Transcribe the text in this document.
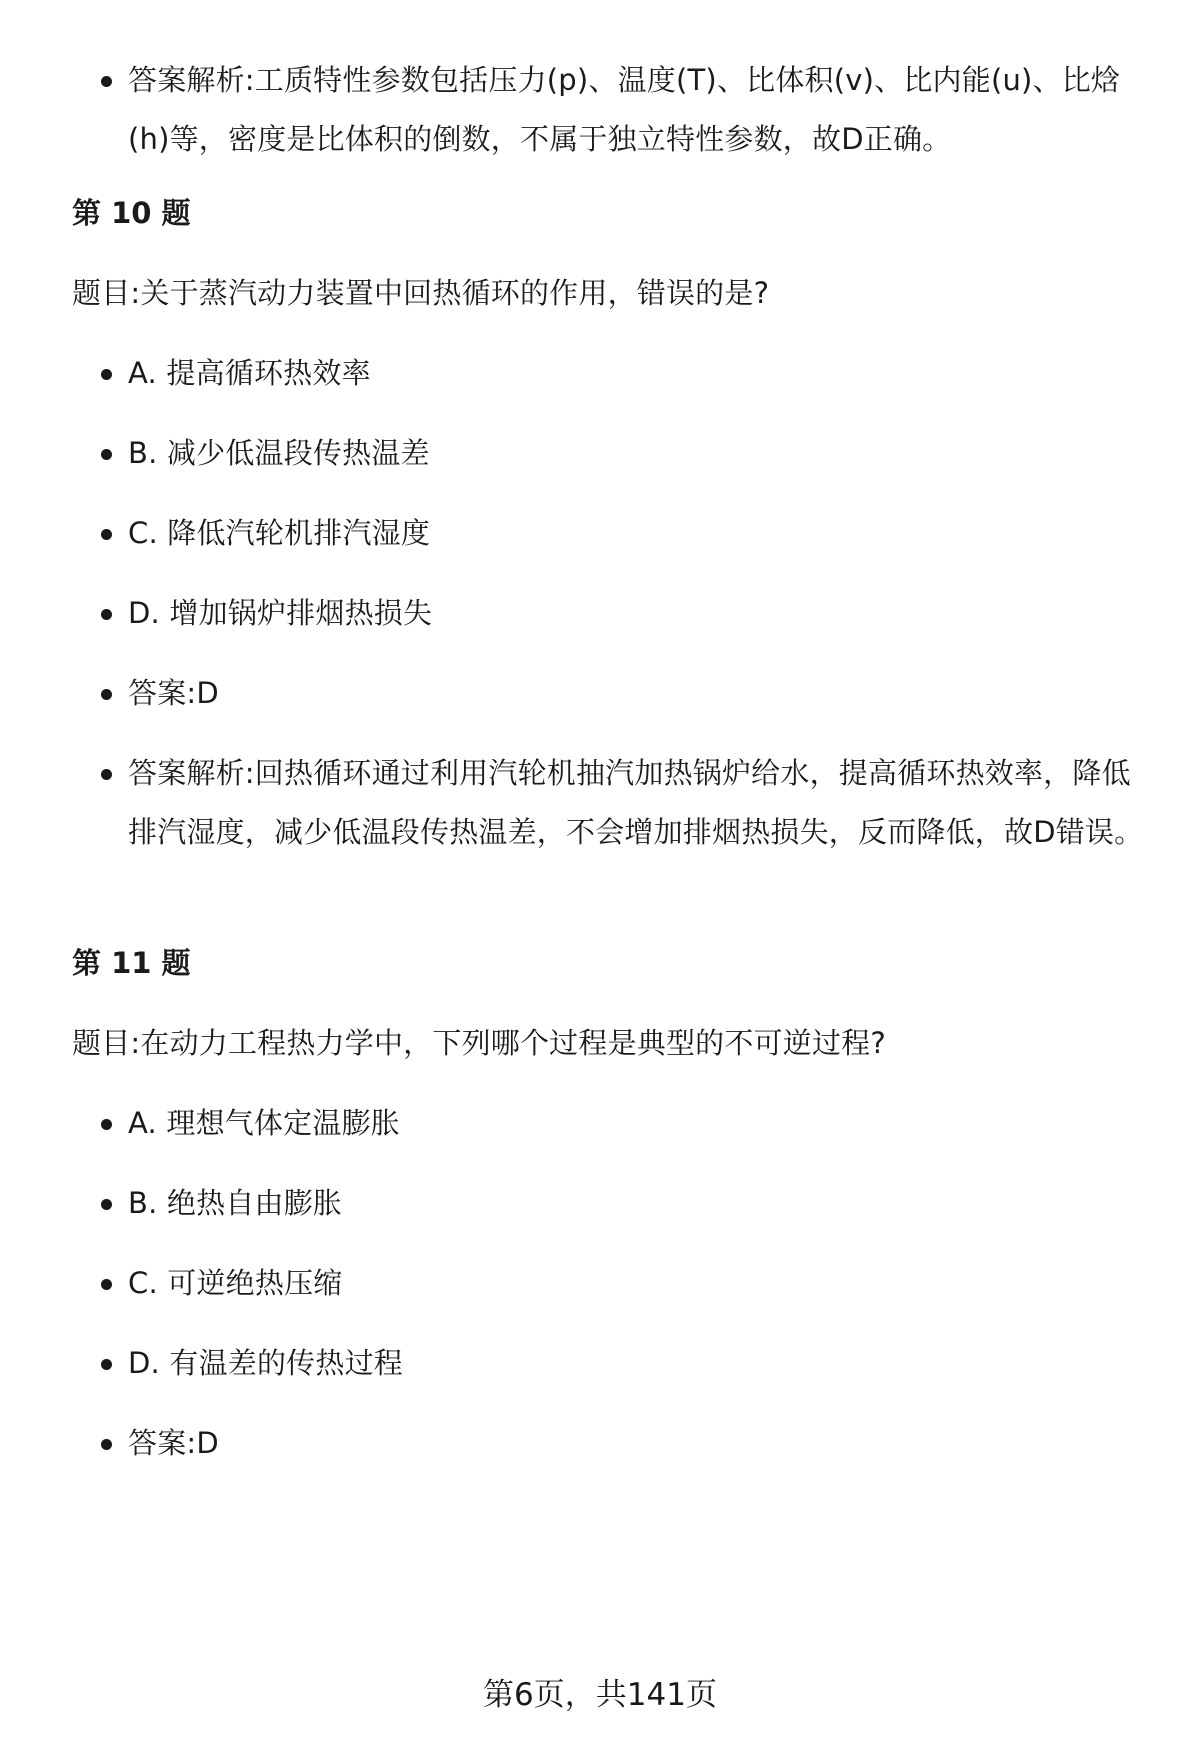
答案解析:工质特性参数包括压力(p)、温度(T)、比体积(v)、比内能(u)、比焓(h)等，密度是比体积的倒数，不属于独立特性参数，故D正确。
第 10 题
题目:关于蒸汽动力装置中回热循环的作用，错误的是?
A. 提高循环热效率
B. 减少低温段传热温差
C. 降低汽轮机排汽湿度
D. 增加锅炉排烟热损失
答案:D
答案解析:回热循环通过利用汽轮机抽汽加热锅炉给水，提高循环热效率，降低排汽湿度，减少低温段传热温差，不会增加排烟热损失，反而降低，故D错误。
第 11 题
题目:在动力工程热力学中，下列哪个过程是典型的不可逆过程?
A. 理想气体定温膨胀
B. 绝热自由膨胀
C. 可逆绝热压缩
D. 有温差的传热过程
答案:D
第6页，共141页
